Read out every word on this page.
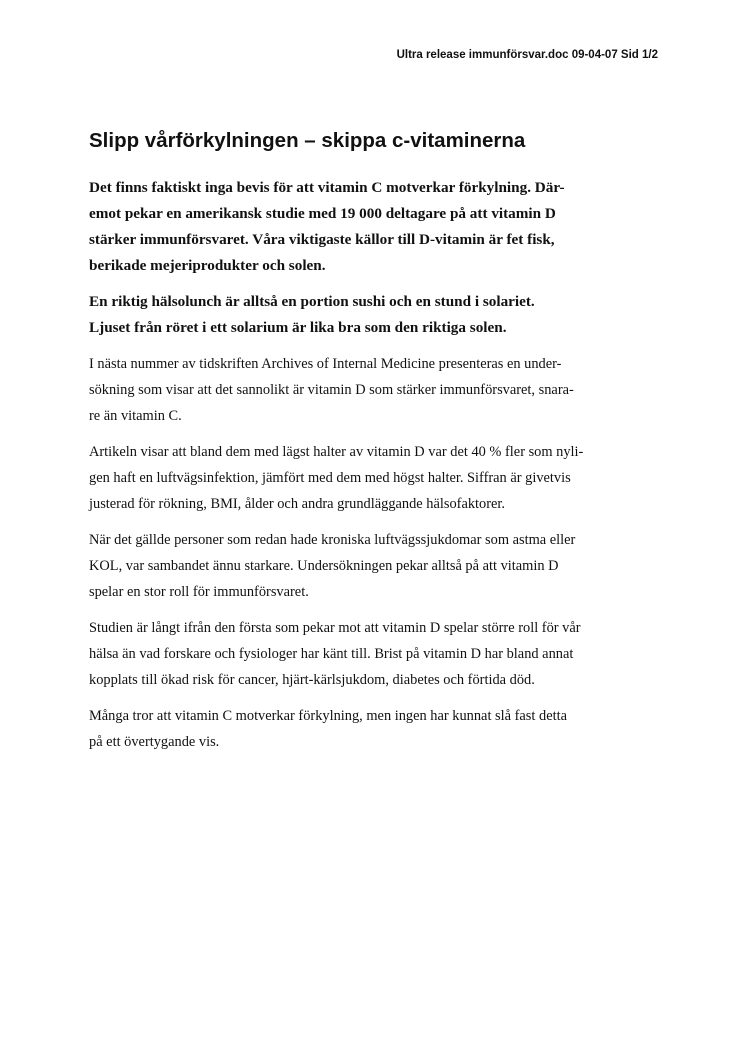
Ultra release immunförsvar.doc 09-04-07 Sid 1/2
Slipp vårförkylningen – skippa c-vitaminerna

Det finns faktiskt inga bevis för att vitamin C motverkar förkylning. Där-
emot pekar en amerikansk studie med 19 000 deltagare på att vitamin D
stärker immunförsvaret. Våra viktigaste källor till D-vitamin är fet fisk,
berikade mejeriprodukter och solen.

En riktig hälsolunch är alltså en portion sushi och en stund i solariet.
Ljuset från röret i ett solarium är lika bra som den riktiga solen.

I nästa nummer av tidskriften Archives of Internal Medicine presenteras en under-
sökning som visar att det sannolikt är vitamin D som stärker immunförsvaret, snara-
re än vitamin C.

Artikeln visar att bland dem med lägst halter av vitamin D var det 40 % fler som nyli-
gen haft en luftvägsinfektion, jämfört med dem med högst halter. Siffran är givetvis
justerad för rökning, BMI, ålder och andra grundläggande hälsofaktorer.

När det gällde personer som redan hade kroniska luftvägssjukdomar som astma eller
KOL, var sambandet ännu starkare. Undersökningen pekar alltså på att vitamin D
spelar en stor roll för immunförsvaret.

Studien är långt ifrån den första som pekar mot att vitamin D spelar större roll för vår
hälsa än vad forskare och fysiologer har känt till. Brist på vitamin D har bland annat
kopplats till ökad risk för cancer, hjärt-kärlsjukdom, diabetes och förtida död.

Många tror att vitamin C motverkar förkylning, men ingen har kunnat slå fast detta
på ett övertygande vis.
